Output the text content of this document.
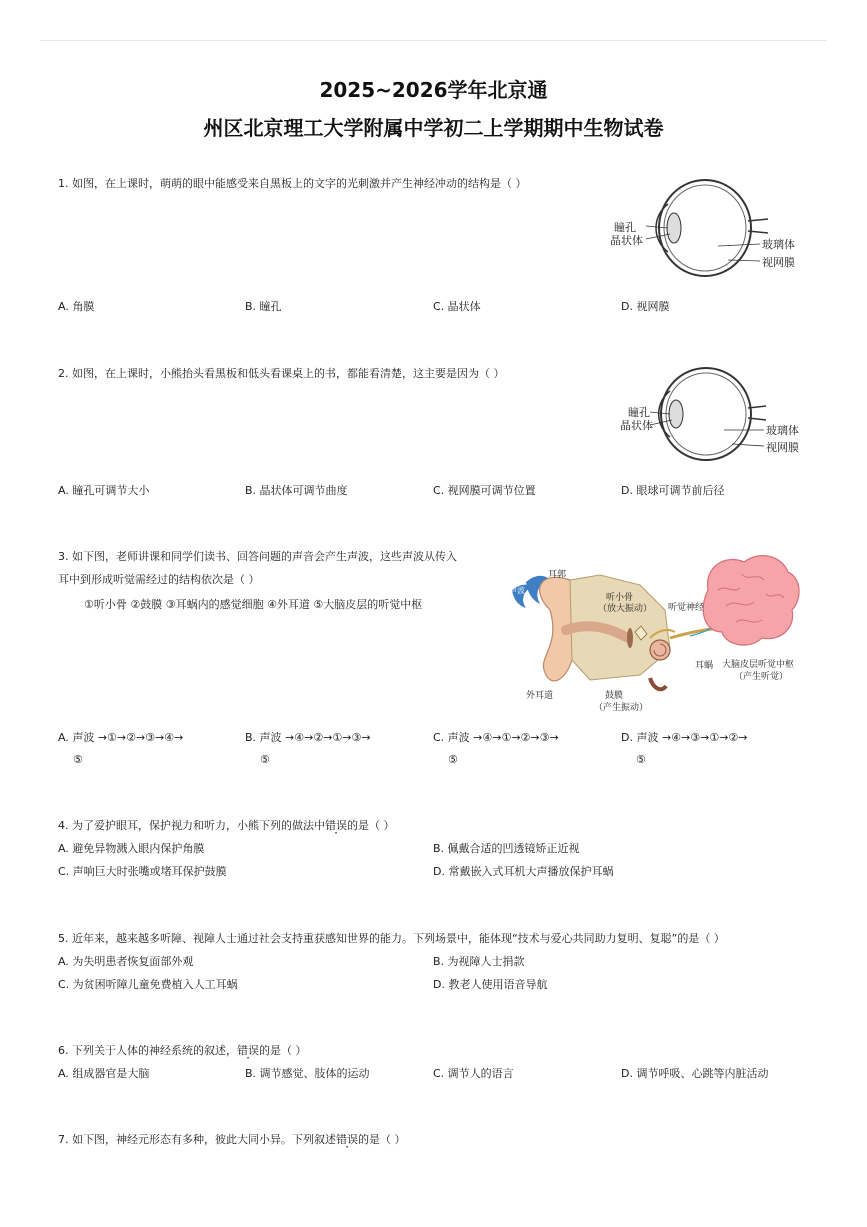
2025~2026学年北京通
州区北京理工大学附属中学初二上学期期中生物试卷
1. 如图，在上课时，萌萌的眼中能感受来自黑板上的文字的光刺激并产生神经冲动的结构是（ ）
瞳孔
晶状体	玻璃体
视网膜
A. 角膜	B. 瞳孔	C. 晶状体	D. 视网膜
2. 如图，在上课时，小熊抬头看黑板和低头看课桌上的书，都能看清楚，这主要是因为（ ）
瞳孔
晶状体	玻璃体
视网膜
A. 瞳孔可调节大小	B. 晶状体可调节曲度	C. 视网膜可调节位置	D. 眼球可调节前后径
3. 如下图，老师讲课和同学们读书、回答问题的声音会产生声波，这些声波从传入
耳中到形成听觉需经过的结构依次是（ ）
①听小骨 ②鼓膜 ③耳蜗内的感觉细胞 ④外耳道 ⑤大脑皮层的听觉中枢
声波
耳郭
听小骨
（放大振动） 听觉神经
耳蜗
外耳道	鼓膜
（产生振动）
大脑皮层听觉中枢
（产生听觉）
A. 声波 →①→②→③→④→
⑤
B. 声波 →④→②→①→③→
⑤
C. 声波 →④→①→②→③→
⑤
D. 声波 →④→③→①→②→
⑤
4. 为了爱护眼耳，保护视力和听力，小熊下列的做法中错误的是（ ）
A. 避免异物溅入眼内保护角膜	B. 佩戴合适的凹透镜矫正近视
C. 声响巨大时张嘴或堵耳保护鼓膜	D. 常戴嵌入式耳机大声播放保护耳蜗
5. 近年来，越来越多听障、视障人士通过社会支持重获感知世界的能力。下列场景中，能体现“技术与爱心共同助力复明、复聪”的是（ ）
A. 为失明患者恢复面部外观	B. 为视障人士捐款
C. 为贫困听障儿童免费植入人工耳蜗	D. 教老人使用语音导航
6. 下列关于人体的神经系统的叙述，错误的是（ ）
A. 组成器官是大脑	B. 调节感觉、肢体的运动	C. 调节人的语言	D. 调节呼吸、心跳等内脏活动
7. 如下图，神经元形态有多种，彼此大同小异。下列叙述错误的是（ ）
